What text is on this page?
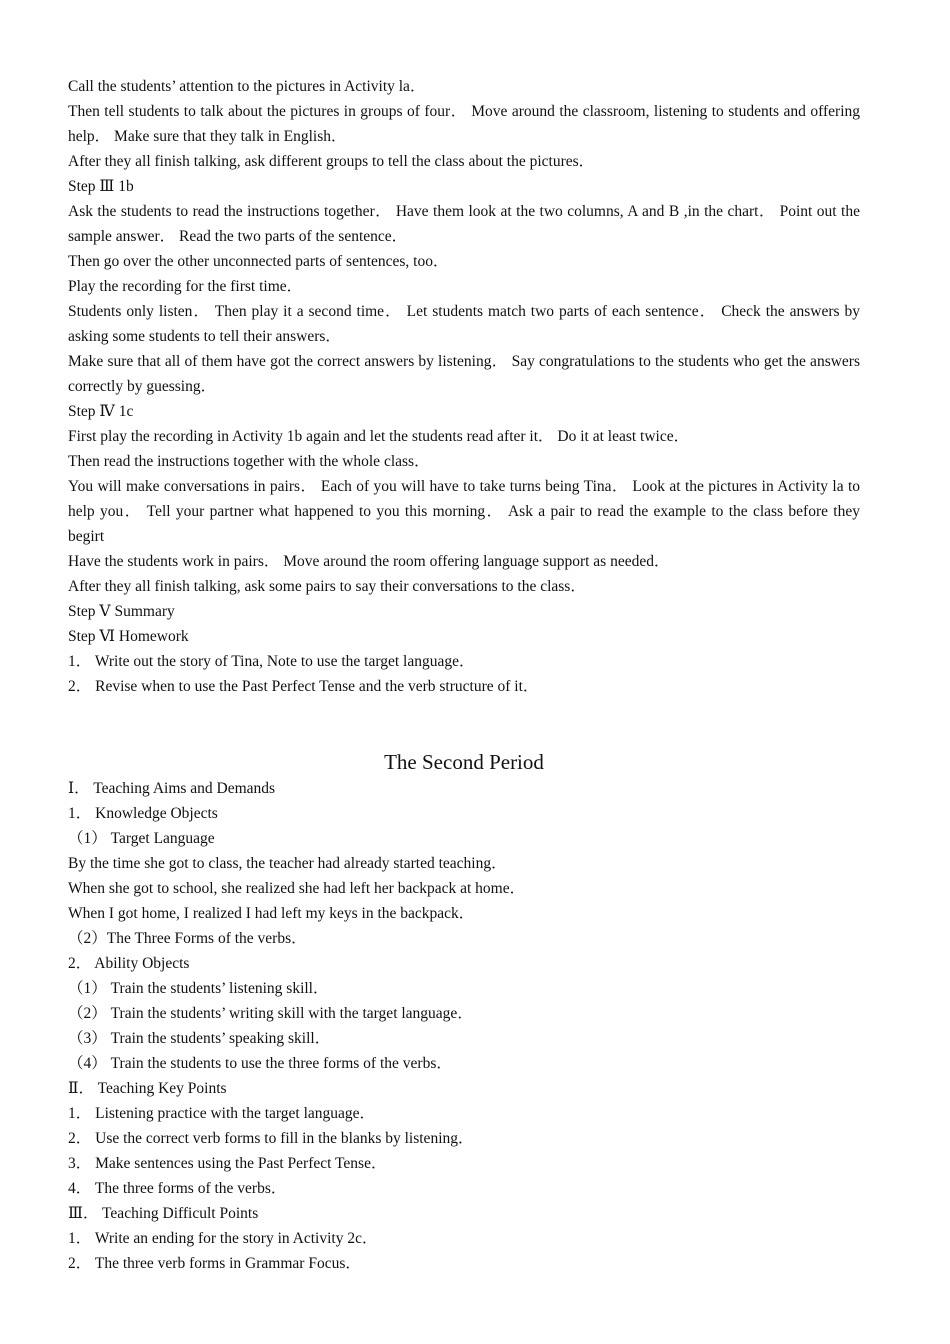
Call the students’ attention to the pictures in Activity la．

Then tell students to talk about the pictures in groups of four． Move around the classroom, listening to students and offering help． Make sure that they talk in English．

After they all finish talking, ask different groups to tell the class about the pictures．

Step Ⅲ 1b

Ask the students to read the instructions together． Have them look at the two columns, A and B ,in the chart． Point out the sample answer． Read the two parts of the sentence．

Then go over the other unconnected parts of sentences, too．

Play the recording for the first time．

Students only listen． Then play it a second time． Let students match two parts of each sentence． Check the answers by asking some students to tell their answers．

Make sure that all of them have got the correct answers by listening． Say congratulations to the students who get the answers correctly by guessing．

Step Ⅳ 1c

First play the recording in Activity 1b again and let the students read after it． Do it at least twice．

Then read the instructions together with the whole class．

You will make conversations in pairs． Each of you will have to take turns being Tina． Look at the pictures in Activity la to help you． Tell your partner what happened to you this morning． Ask a pair to read the example to the class before they begirt

Have the students work in pairs． Move around the room offering language support as needed．

After they all finish talking, ask some pairs to say their conversations to the class．

Step Ⅴ Summary

Step Ⅵ Homework

1． Write out the story of Tina, Note to use the target language．

2． Revise when to use the Past Perfect Tense and the verb structure of it．

The Second Period

Ⅰ． Teaching Aims and Demands

1． Knowledge Objects

（1） Target Language

By the time she got to class, the teacher had already started teaching．

When she got to school, she realized she had left her backpack at home．

When I got home, I realized I had left my keys in the backpack．

（2）The Three Forms of the verbs．

2． Ability Objects

（1） Train the students’ listening skill．

（2） Train the students’ writing skill with the target language．

（3） Train the students’ speaking skill．

（4） Train the students to use the three forms of the verbs．

Ⅱ． Teaching Key Points

1． Listening practice with the target language．

2． Use the correct verb forms to fill in the blanks by listening．

3． Make sentences using the Past Perfect Tense．

4． The three forms of the verbs．

Ⅲ． Teaching Difficult Points

1． Write an ending for the story in Activity 2c．

2． The three verb forms in Grammar Focus．
